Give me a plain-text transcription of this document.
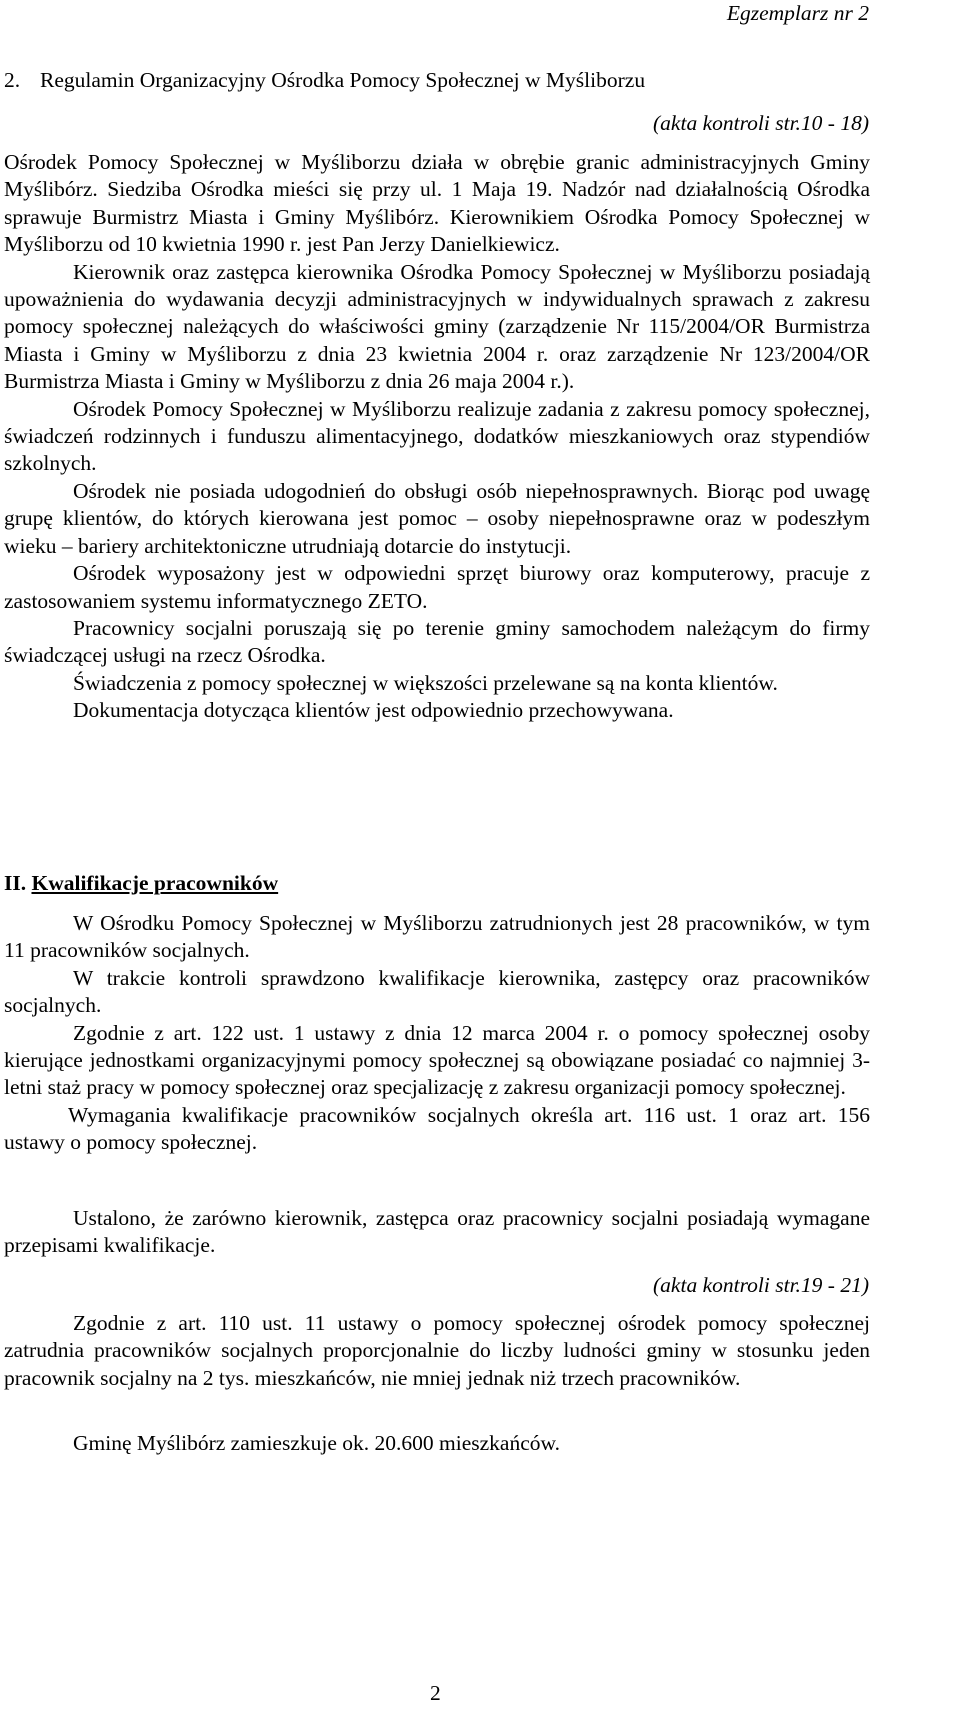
Egzemplarz nr 2
2. Regulamin Organizacyjny Ośrodka Pomocy Społecznej w Myśliborzu
(akta kontroli str.10 - 18)

Ośrodek Pomocy Społecznej w Myśliborzu działa w obrębie granic administracyjnych Gminy Myślibórz. Siedziba Ośrodka mieści się przy ul. 1 Maja 19. Nadzór nad działalnością Ośrodka sprawuje Burmistrz Miasta i Gminy Myślibórz. Kierownikiem Ośrodka Pomocy Społecznej w Myśliborzu od 10 kwietnia 1990 r. jest Pan Jerzy Danielkiewicz.

Kierownik oraz zastępca kierownika Ośrodka Pomocy Społecznej w Myśliborzu posiadają upoważnienia do wydawania decyzji administracyjnych w indywidualnych sprawach z zakresu pomocy społecznej należących do właściwości gminy (zarządzenie Nr 115/2004/OR Burmistrza Miasta i Gminy w Myśliborzu z dnia 23 kwietnia 2004 r. oraz zarządzenie Nr 123/2004/OR Burmistrza Miasta i Gminy w Myśliborzu z dnia 26 maja 2004 r.).

Ośrodek Pomocy Społecznej w Myśliborzu realizuje zadania z zakresu pomocy społecznej, świadczeń rodzinnych i funduszu alimentacyjnego, dodatków mieszkaniowych oraz stypendiów szkolnych.

Ośrodek nie posiada udogodnień do obsługi osób niepełnosprawnych. Biorąc pod uwagę grupę klientów, do których kierowana jest pomoc – osoby niepełnosprawne oraz w podeszłym wieku – bariery architektoniczne utrudniają dotarcie do instytucji.

Ośrodek wyposażony jest w odpowiedni sprzęt biurowy oraz komputerowy, pracuje z zastosowaniem systemu informatycznego ZETO.

Pracownicy socjalni poruszają się po terenie gminy samochodem należącym do firmy świadczącej usługi na rzecz Ośrodka.

Świadczenia z pomocy społecznej w większości przelewane są na konta klientów.

Dokumentacja dotycząca klientów jest odpowiednio przechowywana.

II. Kwalifikacje pracowników

W Ośrodku Pomocy Społecznej w Myśliborzu zatrudnionych jest 28 pracowników, w tym 11 pracowników socjalnych.

W trakcie kontroli sprawdzono kwalifikacje kierownika, zastępcy oraz pracowników socjalnych.

Zgodnie z art. 122 ust. 1 ustawy z dnia 12 marca 2004 r. o pomocy społecznej osoby kierujące jednostkami organizacyjnymi pomocy społecznej są obowiązane posiadać co najmniej 3-letni staż pracy w pomocy społecznej oraz specjalizację z zakresu organizacji pomocy społecznej.

Wymagania kwalifikacje pracowników socjalnych określa art. 116 ust. 1 oraz art. 156 ustawy o pomocy społecznej.

Ustalono, że zarówno kierownik, zastępca oraz pracownicy socjalni posiadają wymagane przepisami kwalifikacje.

(akta kontroli str.19 - 21)

Zgodnie z art. 110 ust. 11 ustawy o pomocy społecznej ośrodek pomocy społecznej zatrudnia pracowników socjalnych proporcjonalnie do liczby ludności gminy w stosunku jeden pracownik socjalny na 2 tys. mieszkańców, nie mniej jednak niż trzech pracowników.

Gminę Myślibórz zamieszkuje ok. 20.600 mieszkańców.

2
